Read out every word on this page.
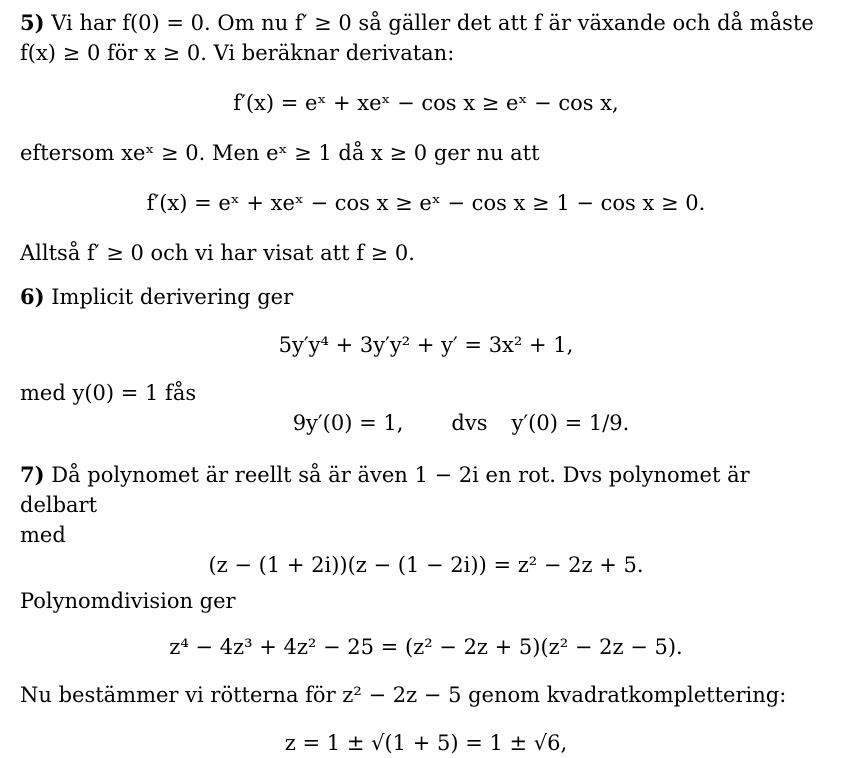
5) Vi har f(0) = 0. Om nu f′ ≥ 0 så gäller det att f är växande och då måste

f(x) ≥ 0 för x ≥ 0. Vi beräknar derivatan:

f′(x) = eˣ + xeˣ − cos x ≥ eˣ − cos x,

eftersom xeˣ ≥ 0. Men eˣ ≥ 1 då x ≥ 0 ger nu att

f′(x) = eˣ + xeˣ − cos x ≥ eˣ − cos x ≥ 1 − cos x ≥ 0.

Alltså f′ ≥ 0 och vi har visat att f ≥ 0.

6) Implicit derivering ger

5y′y⁴ + 3y′y² + y′ = 3x² + 1,

med y(0) = 1 fås

9y′(0) = 1, dvs y′(0) = 1/9.

7) Då polynomet är reellt så är även 1 − 2i en rot. Dvs polynomet är delbart

med

(z − (1 + 2i))(z − (1 − 2i)) = z² − 2z + 5.

Polynomdivision ger

z⁴ − 4z³ + 4z² − 25 = (z² − 2z + 5)(z² − 2z − 5).

Nu bestämmer vi rötterna för z² − 2z − 5 genom kvadratkomplettering:

z = 1 ± √(1 + 5) = 1 ± √6,
